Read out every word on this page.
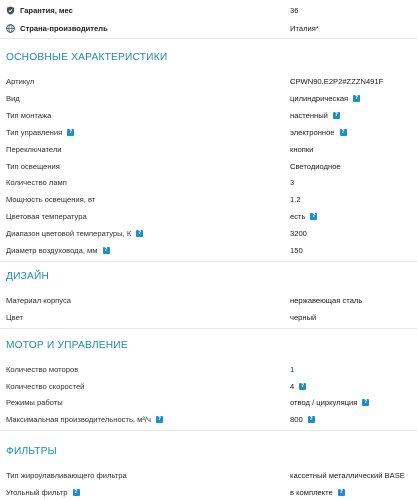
Гарантия, мес	36
Страна-производитель	Италия*
ОСНОВНЫЕ ХАРАКТЕРИСТИКИ
Артикул	CPWN90.E2P2#ZZZN491F
Вид	цилиндрическая	?
Тип монтажа	настенный	?
Тип управления	?	электронное	?
Переключатели	кнопки
Тип освещения	Светодиодное
Количество ламп	3
Мощность освещения, вт	1.2
Цветовая температура	есть	?
Диапазон цветовой температуры, К	?	3200
Диаметр воздуховода, мм	?	150
ДИЗАЙН
Материал корпуса	нержавеющая сталь
Цвет	черный
МОТОР И УПРАВЛЕНИЕ
Количество моторов	1
Количество скоростей	4	?
Режимы работы	отвод / циркуляция	?
Максимальная производительность, м³/ч	?	800	?
ФИЛЬТРЫ
Тип жироулавливающего фильтра	кассетный металлический BASE
Угольный фильтр	?	в комплекте	?
